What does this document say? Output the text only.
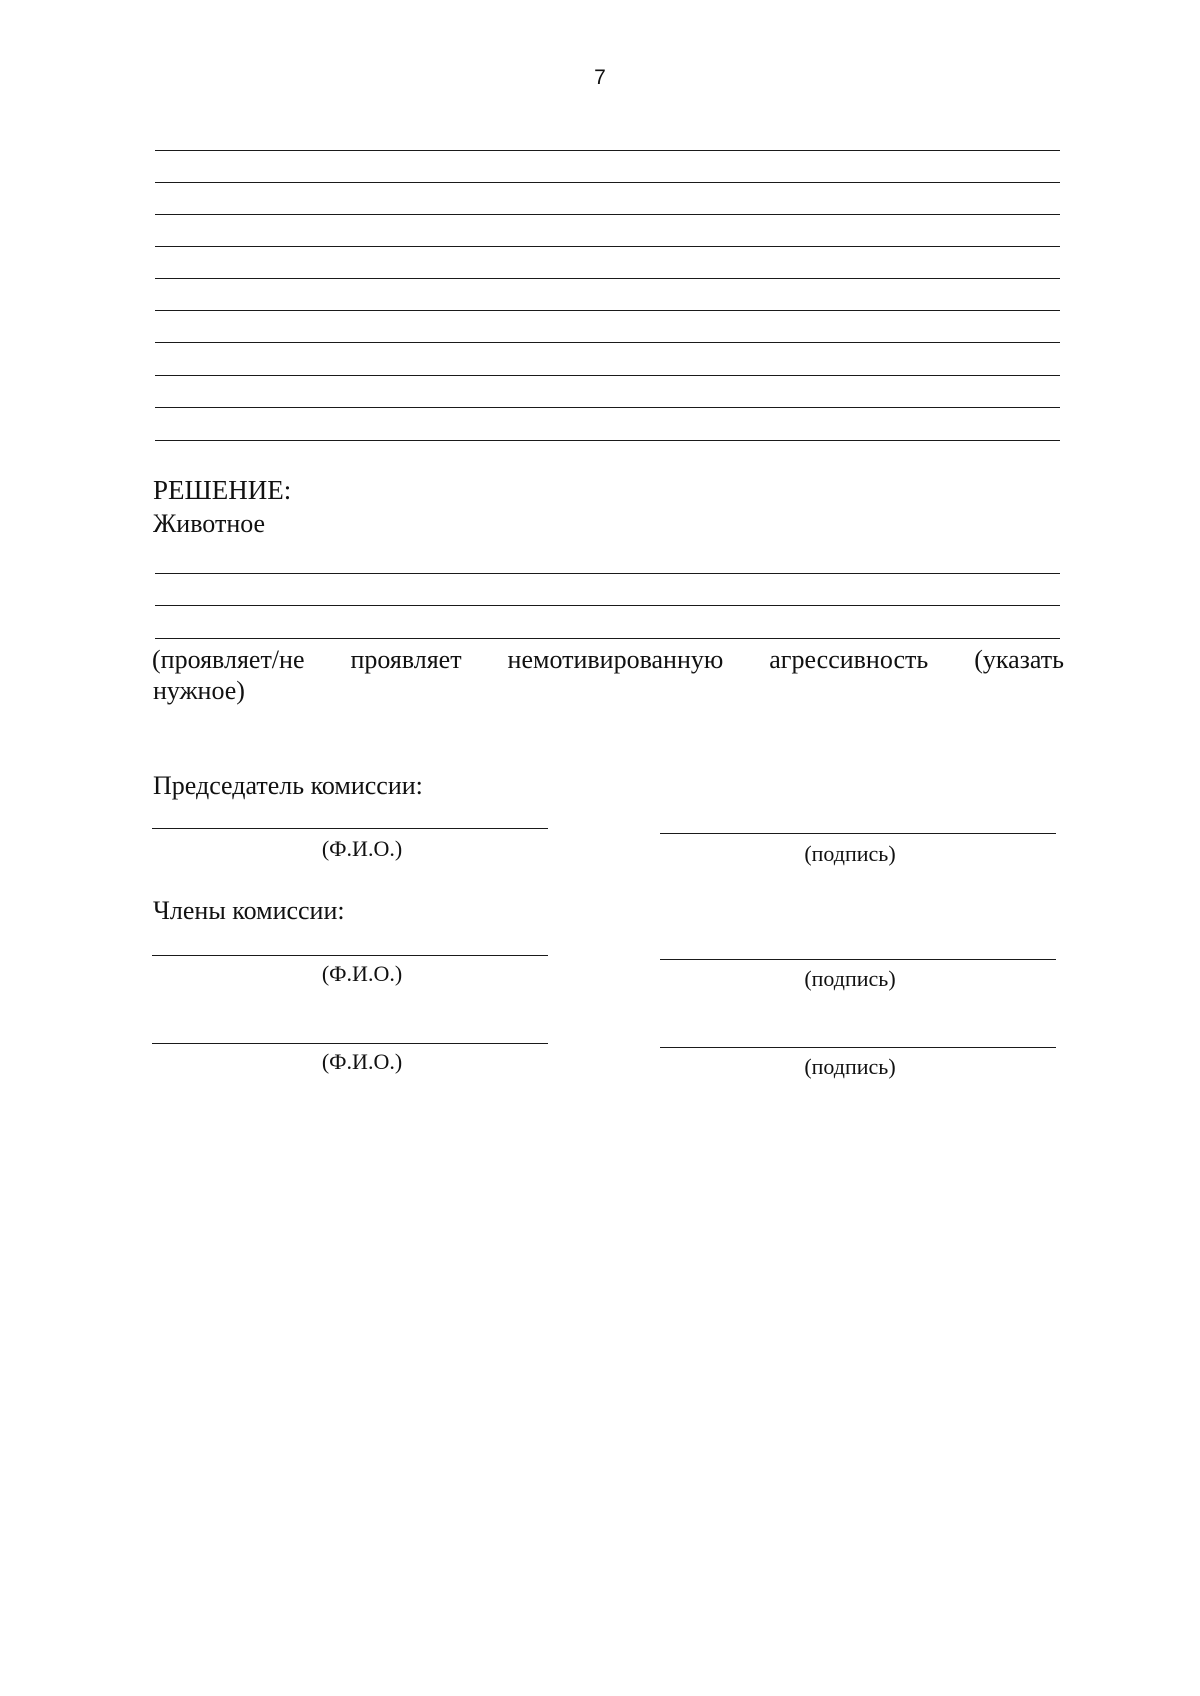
7
РЕШЕНИЕ:
Животное
(проявляет/не проявляет немотивированную агрессивность (указать
нужное)
Председатель комиссии:
(Ф.И.О.)	(подпись)
Члены комиссии:
(Ф.И.О.)	(подпись)
(Ф.И.О.)	(подпись)
